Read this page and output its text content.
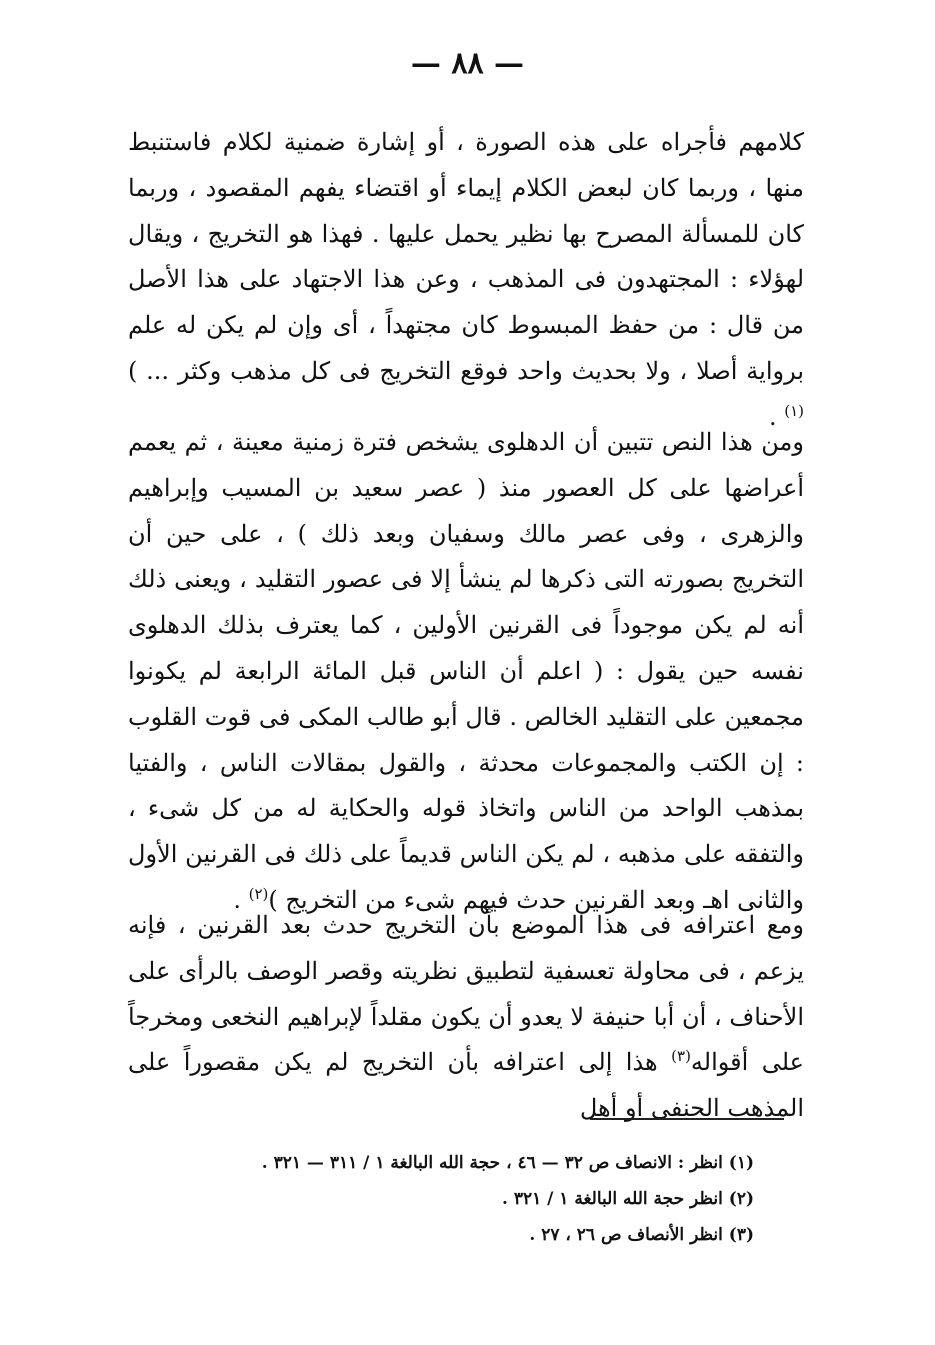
— ٨٨ —

كلامهم فأجراه على هذه الصورة ، أو إشارة ضمنية لكلام فاستنبط منها ، وربما كان لبعض الكلام إيماء أو اقتضاء يفهم المقصود ، وربما كان للمسألة المصرح بها نظير يحمل عليها . فهذا هو التخريج ، ويقال لهؤلاء : المجتهدون فى المذهب ، وعن هذا الاجتهاد على هذا الأصل من قال : من حفظ المبسوط كان مجتهداً ، أى وإن لم يكن له علم برواية أصلا ، ولا بحديث واحد فوقع التخريج فى كل مذهب وكثر ... )$^{(١)}$ .

ومن هذا النص تتبين أن الدهلوى يشخص فترة زمنية معينة ، ثم يعمم أعراضها على كل العصور منذ ( عصر سعيد بن المسيب وإبراهيم والزهرى ، وفى عصر مالك وسفيان وبعد ذلك ) ، على حين أن التخريج بصورته التى ذكرها لم ينشأ إلا فى عصور التقليد ، ويعنى ذلك أنه لم يكن موجوداً فى القرنين الأولين ، كما يعترف بذلك الدهلوى نفسه حين يقول : ( اعلم أن الناس قبل المائة الرابعة لم يكونوا مجمعين على التقليد الخالص . قال أبو طالب المكى فى قوت القلوب : إن الكتب والمجموعات محدثة ، والقول بمقالات الناس ، والفتيا بمذهب الواحد من الناس واتخاذ قوله والحكاية له من كل شىء ، والتفقه على مذهبه ، لم يكن الناس قديماً على ذلك فى القرنين الأول والثانى اهـ وبعد القرنين حدث فيهم شىء من التخريج )$^{(٢)}$ .

ومع اعترافه فى هذا الموضع بأن التخريج حدث بعد القرنين ، فإنه يزعم ، فى محاولة تعسفية لتطبيق نظريته وقصر الوصف بالرأى على الأحناف ، أن أبا حنيفة لا يعدو أن يكون مقلداً لإبراهيم النخعى ومخرجاً على أقواله$^{(٣)}$ هذا إلى اعترافه بأن التخريج لم يكن مقصوراً على المذهب الحنفى أو أهل

(١) انظر : الانصاف ص ٣٢ — ٤٦ ، حجة الله البالغة ١ / ٣١١ — ٣٢١ .
(٢) انظر حجة الله البالغة ١ / ٣٢١ .
(٣) انظر الأنصاف ص ٢٦ ، ٢٧ .
